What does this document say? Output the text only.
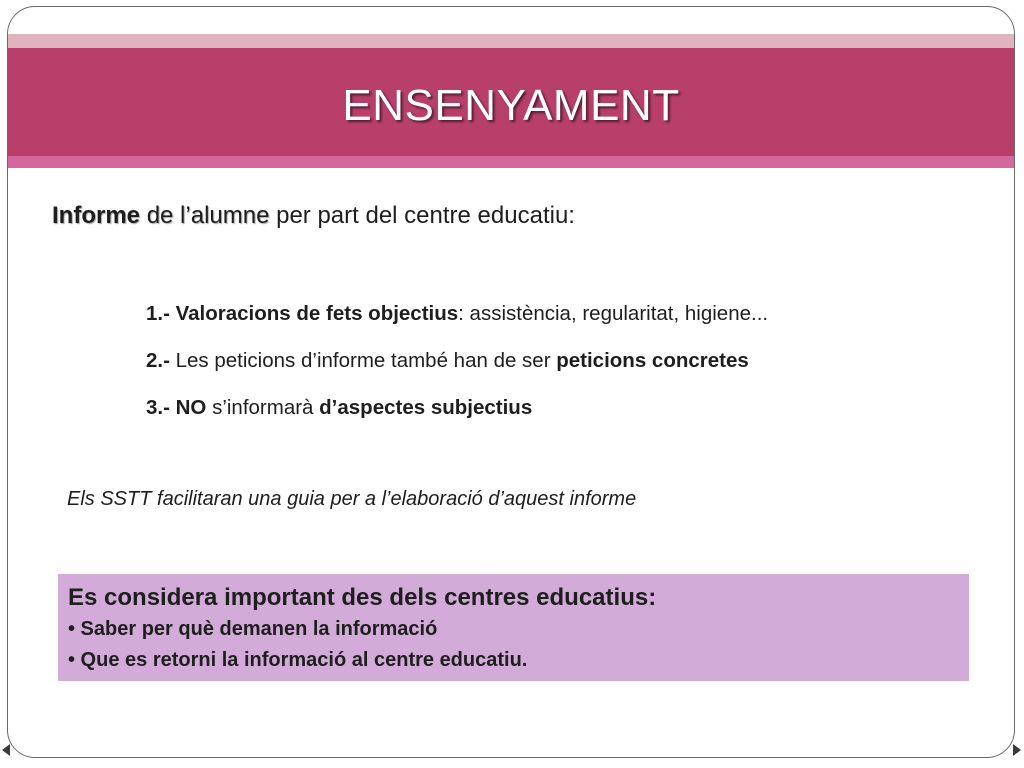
ENSENYAMENT
Informe de l’alumne per part del centre educatiu:
1.- Valoracions de fets objectius: assistència, regularitat, higiene...
2.- Les peticions d’informe també han de ser peticions concretes
3.- NO s’informarà d’aspectes subjectius
Els SSTT facilitaran una guia per a l’elaboració d’aquest informe
Es considera important des dels centres educatius:
• Saber per què demanen la informació
• Que es retorni la informació al centre educatiu.
